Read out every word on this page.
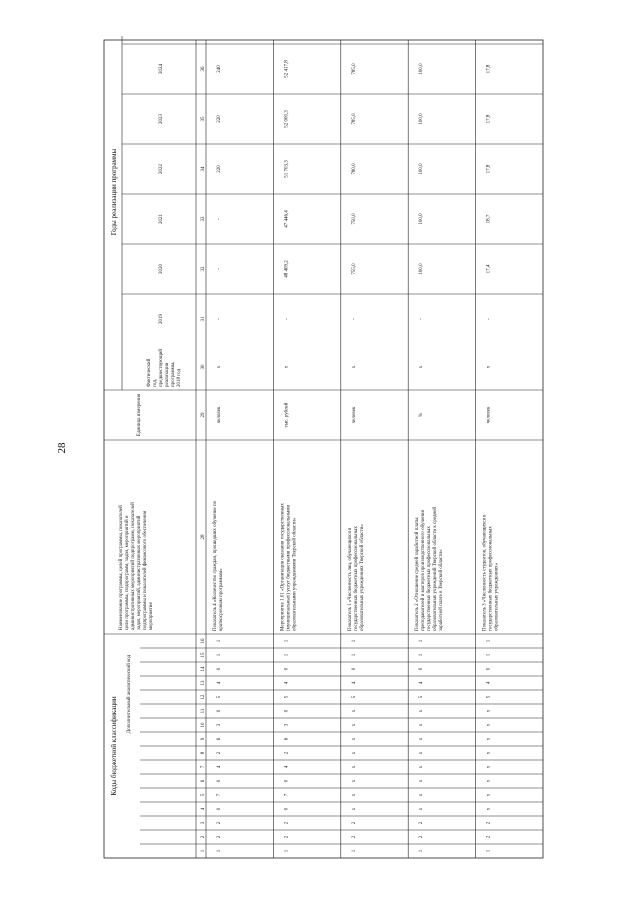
28
Коды бюджетной классификации
Дополнительный аналитический код
Наименование программы, целей программы, показателейцели программы, подпрограмм, задач, мероприятий иадминистративных мероприятий подпрограмм, показателейзадач, мероприятий, административных мероприятийподпрограммы и показателей финансового обеспечениямероприятия
Единица измерения
Годы реализации программы
Фактическийгод,предшествующийреализациипрограммы,2018 год
2019
2020
2021
2022
2023
2024
28
29
30
31
32
33
34
35
36
1
2
3
4
5
6
7
8
9
10
11
12
13
14
15
16
1
2
2
0
7
0
4
2
6
3
0
5
4
0
1
1
Показатель 4 «Количество граждан, прошедших обучение пократкосрочным программам»
человек
x
-
-
-
220
220
240
1
2
2
0
7
0
4
2
6
3
0
5
4
0
1
1
Мероприятие 1.01 «Организация оказания государственных(муниципальных) услуг бюджетными профессиональнымиобразовательными учреждениями Тверской области»
тыс. рублей
x
-
48 409,2
47 446,4
51 703,3
52 000,3
52 417,8
1
2
2
x
x
x
x
x
x
x
x
5
4
0
1
1
Показатель 1 «Численность лиц, обучающихся вгосударственных бюджетных профессиональныхобразовательных учреждениях Тверской области»
человек
x
-
755,0
750,0
780,0
785,0
785,0
1
2
2
x
x
x
x
x
x
x
x
5
4
0
1
1
Показатель 2 «Отношение средней заработной платыпреподавателей и мастеров производственного обучениягосударственных бюджетных профессиональныхобразовательных учреждений Тверской области к среднейзаработной плате в Тверской области»
%
x
-
100,0
100,0
100,0
100,0
100,0
1
2
2
x
x
x
x
x
x
x
x
5
4
0
1
1
Показатель 3 «Численность студентов, обучающихся вгосударственных бюджетных профессиональныхобразовательных учреждениях»
человек
x
-
17,4
18,7
17,8
17,8
17,8
